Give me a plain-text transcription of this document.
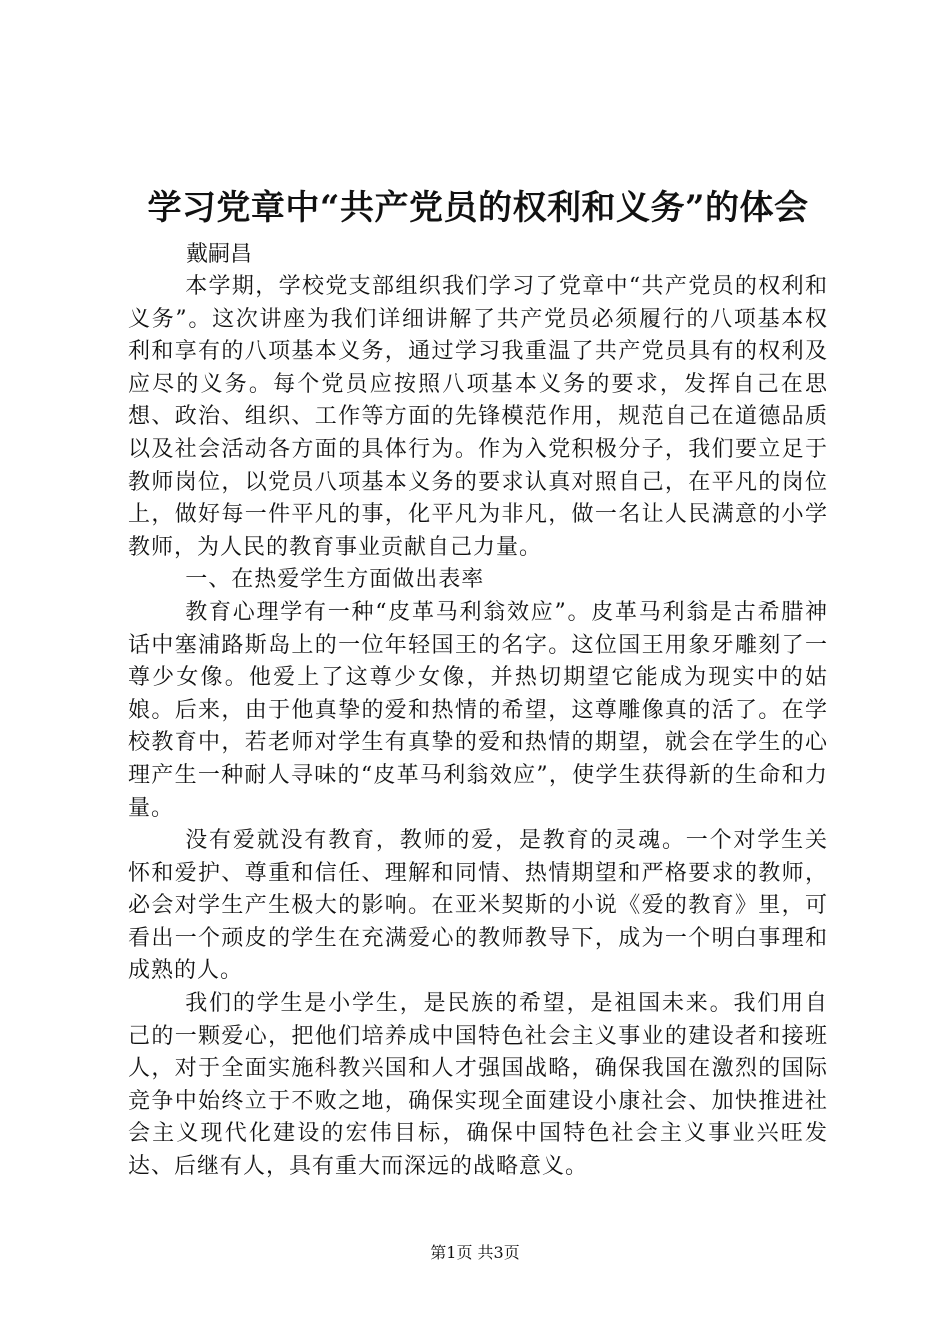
学习党章中“共产党员的权利和义务”的体会

戴嗣昌

本学期，学校党支部组织我们学习了党章中“共产党员的权利和义务”。这次讲座为我们详细讲解了共产党员必须履行的八项基本权利和享有的八项基本义务，通过学习我重温了共产党员具有的权利及应尽的义务。每个党员应按照八项基本义务的要求，发挥自己在思想、政治、组织、工作等方面的先锋模范作用，规范自己在道德品质以及社会活动各方面的具体行为。作为入党积极分子，我们要立足于教师岗位，以党员八项基本义务的要求认真对照自己，在平凡的岗位上，做好每一件平凡的事，化平凡为非凡，做一名让人民满意的小学教师，为人民的教育事业贡献自己力量。

一、在热爱学生方面做出表率

教育心理学有一种“皮革马利翁效应”。皮革马利翁是古希腊神话中塞浦路斯岛上的一位年轻国王的名字。这位国王用象牙雕刻了一尊少女像。他爱上了这尊少女像，并热切期望它能成为现实中的姑娘。后来，由于他真挚的爱和热情的希望，这尊雕像真的活了。在学校教育中，若老师对学生有真挚的爱和热情的期望，就会在学生的心理产生一种耐人寻味的“皮革马利翁效应”，使学生获得新的生命和力量。

没有爱就没有教育，教师的爱，是教育的灵魂。一个对学生关怀和爱护、尊重和信任、理解和同情、热情期望和严格要求的教师，必会对学生产生极大的影响。在亚米契斯的小说《爱的教育》里，可看出一个顽皮的学生在充满爱心的教师教导下，成为一个明白事理和成熟的人。

我们的学生是小学生，是民族的希望，是祖国未来。我们用自己的一颗爱心，把他们培养成中国特色社会主义事业的建设者和接班人，对于全面实施科教兴国和人才强国战略，确保我国在激烈的国际竞争中始终立于不败之地，确保实现全面建设小康社会、加快推进社会主义现代化建设的宏伟目标，确保中国特色社会主义事业兴旺发达、后继有人，具有重大而深远的战略意义。

第1页 共3页
